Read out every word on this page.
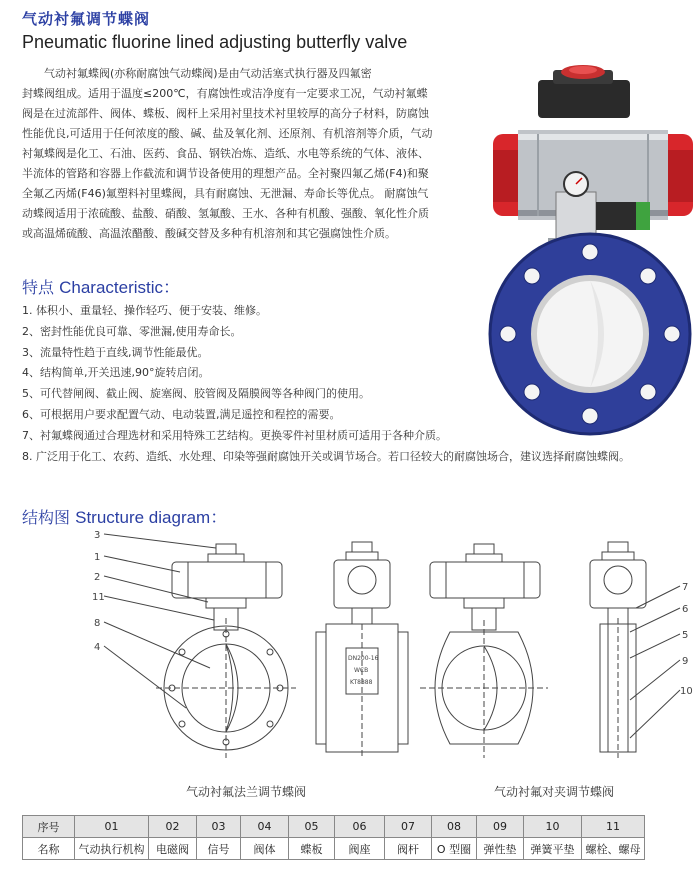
气动衬氟调节蝶阀
Pneumatic fluorine lined adjusting butterfly valve
气动衬氟蝶阀(亦称耐腐蚀气动蝶阀)是由气动活塞式执行器及四氟密
封蝶阀组成。适用于温度≤200℃，有腐蚀性或洁净度有一定要求工况，气动衬氟蝶
阀是在过流部件、阀体、蝶板、阀杆上采用衬里技术衬里较厚的高分子材料，防腐蚀
性能优良,可适用于任何浓度的酸、碱、盐及氧化剂、还原剂、有机溶剂等介质，气动
衬氟蝶阀是化工、石油、医药、食品、钢铁冶炼、造纸、水电等系统的气体、液体、
半流体的管路和容器上作截流和调节设备使用的理想产品。全衬聚四氟乙烯(F4)和聚
全氟乙丙烯(F46)氟塑料衬里蝶阀，具有耐腐蚀、无泄漏、寿命长等优点。 耐腐蚀气
动蝶阀适用于浓硫酸、盐酸、硝酸、氢氟酸、王水、各种有机酸、强酸、氧化性介质
或高温烯硫酸、高温浓醋酸、酸碱交替及多种有机溶剂和其它强腐蚀性介质。
特点 Characteristic：
1. 体积小、重量轻、操作轻巧、便于安装、维修。
2、密封性能优良可靠、零泄漏,使用寿命长。
3、流量特性趋于直线,调节性能最优。
4、结构简单,开关迅速,90°旋转启闭。
5、可代替闸阀、截止阀、旋塞阀、胶管阀及隔膜阀等各种阀门的使用。
6、可根据用户要求配置气动、电动装置,满足遥控和程控的需要。
7、衬氟蝶阀通过合理选材和采用特殊工艺结构。更换零件衬里材质可适用于各种介质。
8. 广泛用于化工、农药、造纸、水处理、印染等强耐腐蚀开关或调节场合。若口径较大的耐腐蚀场合，建议选择耐腐蚀蝶阀。
结构图 Structure diagram：
3
1
2
11
8
4
7
6
5
9
10
DN200-16
WCB
KT8888
气动衬氟法兰调节蝶阀	气动衬氟对夹调节蝶阀
序号	01	02	03	04	05	06	07	08	09	10	11
名称	气动执行机构	电磁阀	信号	阀体	蝶板	阀座	阀杆	O 型圈	弹性垫	弹簧平垫	螺栓、螺母
